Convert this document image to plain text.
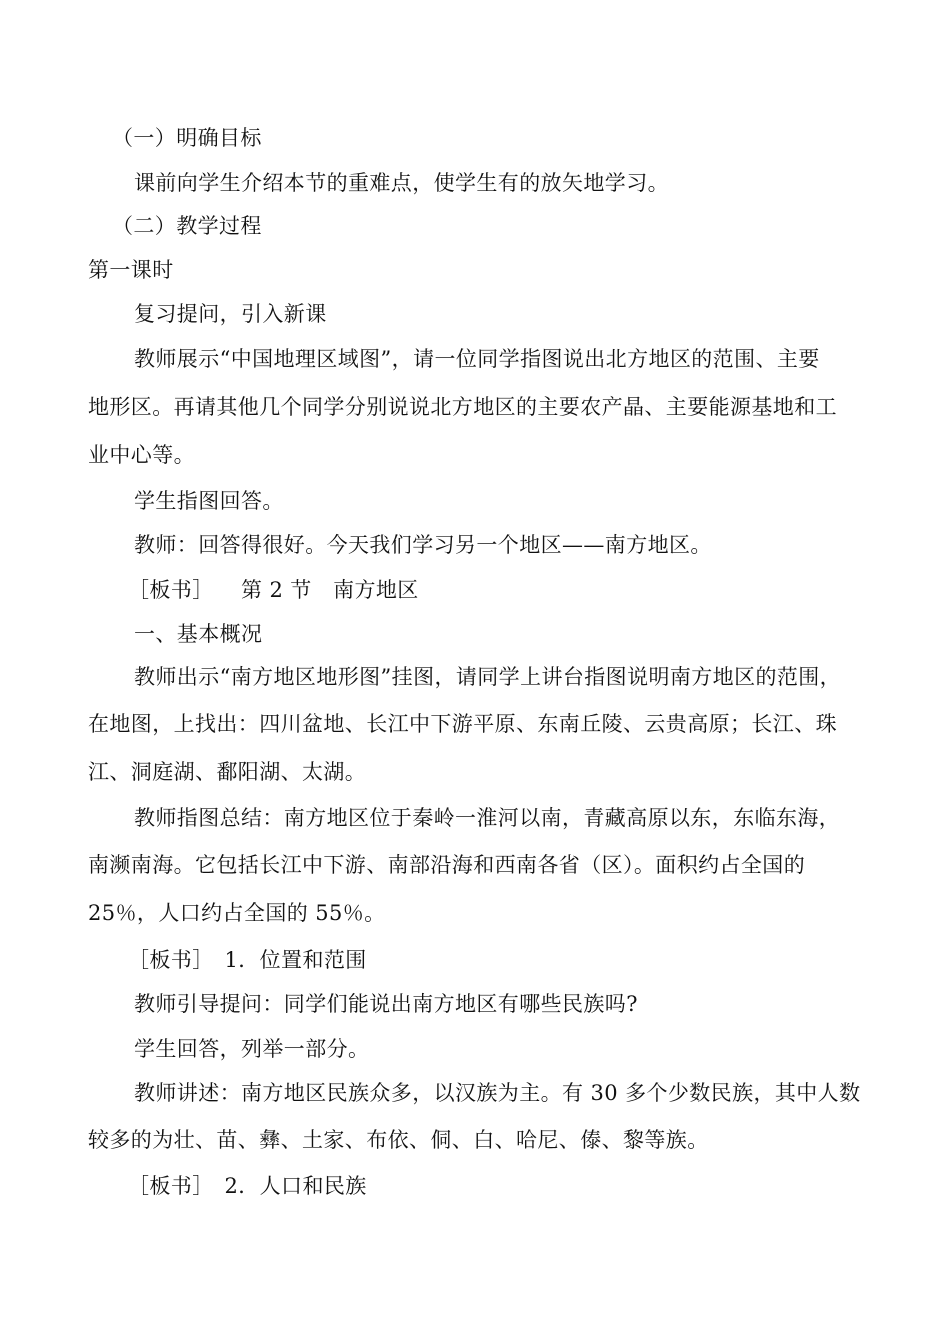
（一）明确目标
课前向学生介绍本节的重难点，使学生有的放矢地学习。
（二）教学过程
第一课时
复习提问，引入新课
教师展示“中国地理区域图”，请一位同学指图说出北方地区的范围、主要
地形区。再请其他几个同学分别说说北方地区的主要农产晶、主要能源基地和工
业中心等。
学生指图回答。
教师：回答得很好。今天我们学习另一个地区——南方地区。
［板书］ 第 2 节　南方地区
一、基本概况
教师出示“南方地区地形图”挂图，请同学上讲台指图说明南方地区的范围，
在地图，上找出：四川盆地、长江中下游平原、东南丘陵、云贵高原；长江、珠
江、洞庭湖、鄱阳湖、太湖。
教师指图总结：南方地区位于秦岭一淮河以南，青藏高原以东，东临东海，
南濒南海。它包括长江中下游、南部沿海和西南各省（区）。面积约占全国的
25％，人口约占全国的 55％。
［板书］　1．位置和范围
教师引导提问：同学们能说出南方地区有哪些民族吗?
学生回答，列举一部分。
教师讲述：南方地区民族众多，以汉族为主。有 30 多个少数民族，其中人数
较多的为壮、苗、彝、土家、布依、侗、白、哈尼、傣、黎等族。
［板书］　2．人口和民族
